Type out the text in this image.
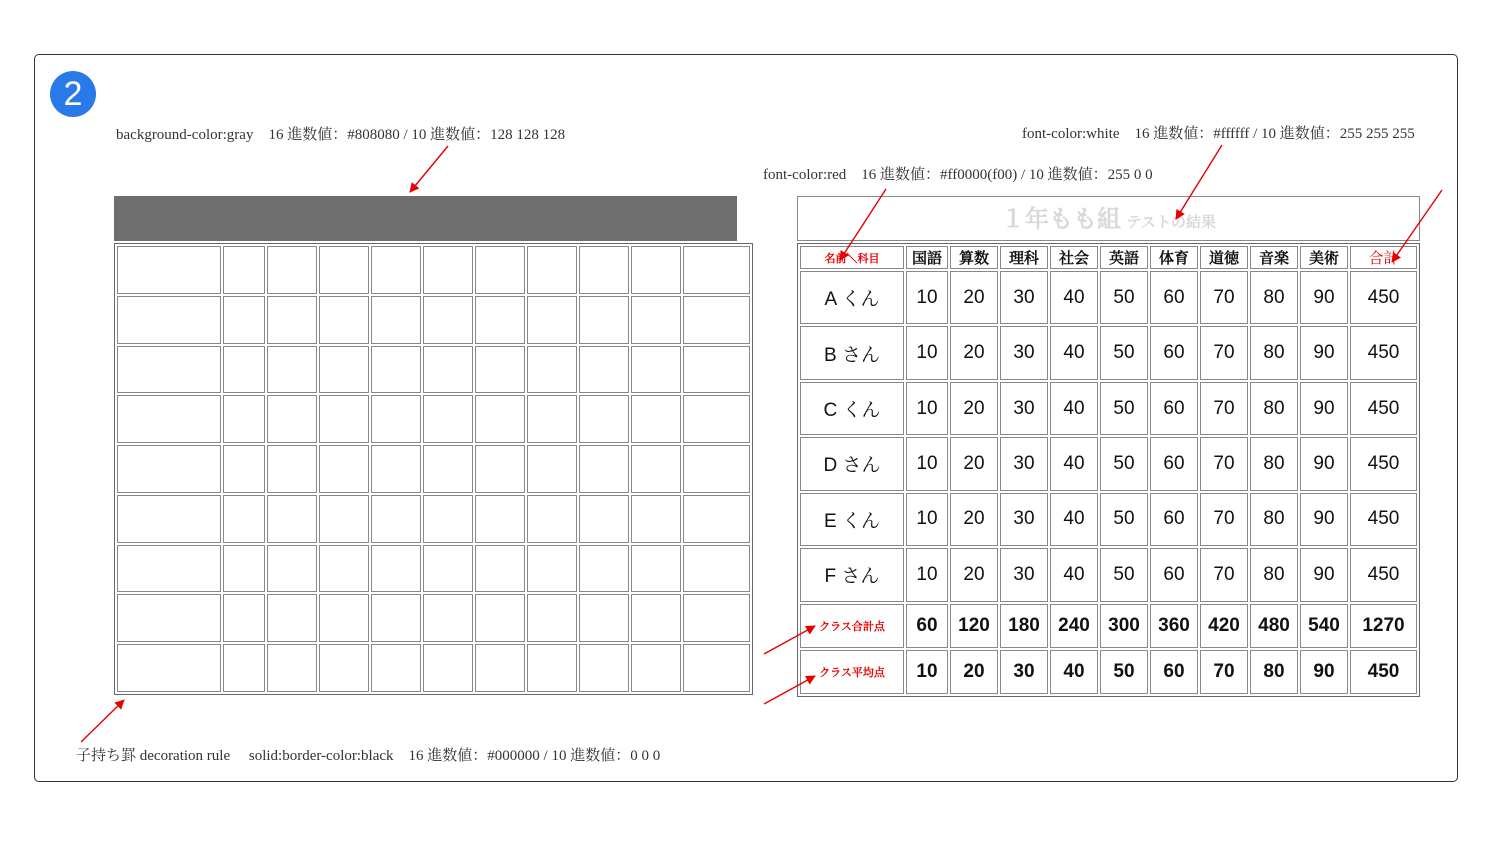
2
background-color:gray　16 進数値：#808080 / 10 進数値：128 128 128	font-color:white　16 進数値：#ffffff / 10 進数値：255 255 255
font-color:red　16 進数値：#ff0000(f00) / 10 進数値：255 0 0
子持ち罫 decoration rule　 solid:border-color:black　16 進数値：#000000 / 10 進数値：0 0 0

１年もも組 テストの結果
名前＼科目	国語	算数	理科	社会	英語	体育	道徳	音楽	美術	合計
A くん	10	20	30	40	50	60	70	80	90	450
B さん	10	20	30	40	50	60	70	80	90	450
C くん	10	20	30	40	50	60	70	80	90	450
D さん	10	20	30	40	50	60	70	80	90	450
E くん	10	20	30	40	50	60	70	80	90	450
F さん	10	20	30	40	50	60	70	80	90	450
クラス合計点	60	120	180	240	300	360	420	480	540	1270
クラス平均点	10	20	30	40	50	60	70	80	90	450
